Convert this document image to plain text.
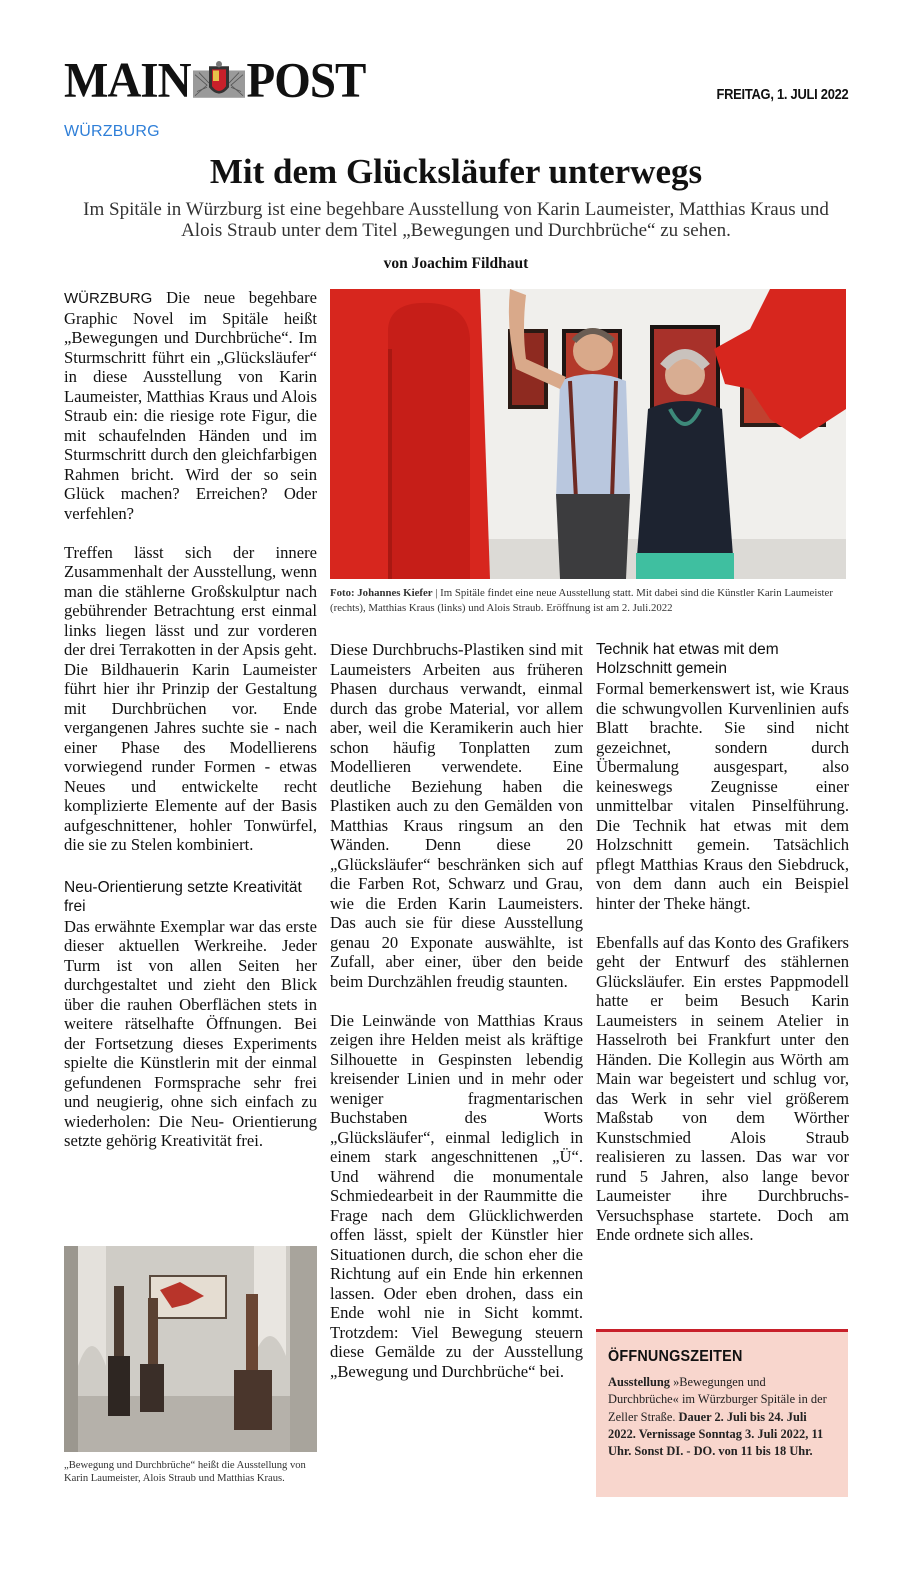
MAIN POST	FREITAG, 1. JULI 2022
WÜRZBURG
Mit dem Glücksläufer unterwegs
Im Spitäle in Würzburg ist eine begehbare Ausstellung von Karin Laumeister, Matthias Kraus und Alois Straub unter dem Titel „Bewegungen und Durchbrüche“ zu sehen.
von Joachim Fildhaut

WÜRZBURG Die neue begehbare Graphic Novel im Spitäle heißt „Bewegungen und Durchbrüche“. Im Sturmschritt führt ein „Glücksläufer“ in diese Ausstellung von Karin Laumeister, Matthias Kraus und Alois Straub ein: die riesige rote Figur, die mit schaufelnden Händen und im Sturmschritt durch den gleichfarbigen Rahmen bricht. Wird der so sein Glück machen? Erreichen? Oder verfehlen?

Treffen lässt sich der innere Zusammenhalt der Ausstellung, wenn man die stählerne Großskulptur nach gebührender Betrachtung erst einmal links liegen lässt und zur vorderen der drei Terrakotten in der Apsis geht. Die Bildhauerin Karin Laumeister führt hier ihr Prinzip der Gestaltung mit Durchbrüchen vor. Ende vergangenen Jahres suchte sie - nach einer Phase des Modellierens vorwiegend runder Formen - etwas Neues und entwickelte recht komplizierte Elemente auf der Basis aufgeschnittener, hohler Tonwürfel, die sie zu Stelen kombiniert.

Neu-Orientierung setzte Kreativität frei

Das erwähnte Exemplar war das erste dieser aktuellen Werkreihe. Jeder Turm ist von allen Seiten her durchgestaltet und zieht den Blick über die rauhen Oberflächen stets in weitere rätselhafte Öffnungen. Bei der Fortsetzung dieses Experiments spielte die Künstlerin mit der einmal gefundenen Formsprache sehr frei und neugierig, ohne sich einfach zu wiederholen: Die Neu- Orientierung setzte gehörig Kreativität frei.

Foto: Johannes Kiefer | Im Spitäle findet eine neue Ausstellung statt. Mit dabei sind die Künstler Karin Laumeister (rechts), Matthias Kraus (links) und Alois Straub. Eröffnung ist am 2. Juli.2022

Diese Durchbruchs-Plastiken sind mit Laumeisters Arbeiten aus früheren Phasen durchaus verwandt, einmal durch das grobe Material, vor allem aber, weil die Keramikerin auch hier schon häufig Tonplatten zum Modellieren verwendete. Eine deutliche Beziehung haben die Plastiken auch zu den Gemälden von Matthias Kraus ringsum an den Wänden. Denn diese 20 „Glücksläufer“ beschränken sich auf die Farben Rot, Schwarz und Grau, wie die Erden Karin Laumeisters. Das auch sie für diese Ausstellung genau 20 Exponate auswählte, ist Zufall, aber einer, über den beide beim Durchzählen freudig staunten.

Die Leinwände von Matthias Kraus zeigen ihre Helden meist als kräftige Silhouette in Gespinsten lebendig kreisender Linien und in mehr oder weniger fragmentarischen Buchstaben des Worts „Glücksläufer“, einmal lediglich in einem stark angeschnittenen „Ü“. Und während die monumentale Schmiedearbeit in der Raummitte die Frage nach dem Glücklichwerden offen lässt, spielt der Künstler hier Situationen durch, die schon eher die Richtung auf ein Ende hin erkennen lassen. Oder eben drohen, dass ein Ende wohl nie in Sicht kommt. Trotzdem: Viel Bewegung steuern diese Gemälde zu der Ausstellung „Bewegung und Durchbrüche“ bei.

Technik hat etwas mit dem Holzschnitt gemein

Formal bemerkenswert ist, wie Kraus die schwungvollen Kurvenlinien aufs Blatt brachte. Sie sind nicht gezeichnet, sondern durch Übermalung ausgespart, also keineswegs Zeugnisse einer unmittelbar vitalen Pinselführung. Die Technik hat etwas mit dem Holzschnitt gemein. Tatsächlich pflegt Matthias Kraus den Siebdruck, von dem dann auch ein Beispiel hinter der Theke hängt.

Ebenfalls auf das Konto des Grafikers geht der Entwurf des stählernen Glücksläufer. Ein erstes Pappmodell hatte er beim Besuch Karin Laumeisters in seinem Atelier in Hasselroth bei Frankfurt unter den Händen. Die Kollegin aus Wörth am Main war begeistert und schlug vor, das Werk in sehr viel größerem Maßstab von dem Wörther Kunstschmied Alois Straub realisieren zu lassen. Das war vor rund 5 Jahren, also lange bevor Laumeister ihre Durchbruchs-Versuchsphase startete. Doch am Ende ordnete sich alles.

„Bewegung und Durchbrüche“ heißt die Ausstellung von Karin Laumeister, Alois Straub und Matthias Kraus.
ÖFFNUNGSZEITEN
Ausstellung »Bewegungen und Durchbrüche« im Würzburger Spitäle in der Zeller Straße. Dauer 2. Juli bis 24. Juli 2022. Vernissage Sonntag 3. Juli 2022, 11 Uhr. Sonst DI. - DO. von 11 bis 18 Uhr.
